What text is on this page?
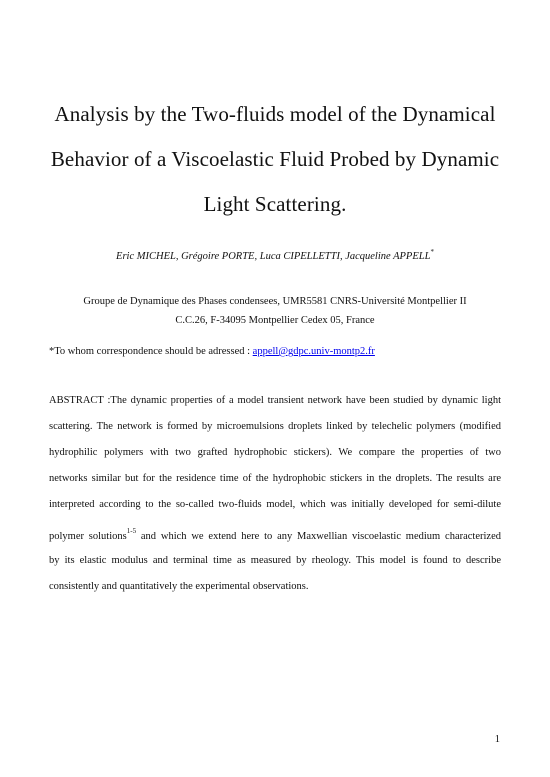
Analysis by the Two-fluids model of the Dynamical
Behavior of a Viscoelastic Fluid Probed by Dynamic
Light Scattering.
Eric MICHEL, Grégoire PORTE, Luca CIPELLETTI, Jacqueline APPELL*
Groupe de Dynamique des Phases condensees, UMR5581 CNRS-Université Montpellier II
C.C.26, F-34095 Montpellier Cedex 05, France
*To whom correspondence should be adressed : appell@gdpc.univ-montp2.fr
ABSTRACT :The dynamic properties of a model transient network have been studied by dynamic light
scattering. The network is formed by microemulsions droplets linked by telechelic polymers (modified
hydrophilic polymers with two grafted hydrophobic stickers). We compare the properties of two
networks similar but for the residence time of the hydrophobic stickers in the droplets. The results are
interpreted according to the so-called two-fluids model, which was initially developed for semi-dilute
polymer solutions$^{1-5}$ and which we extend here to any Maxwellian viscoelastic medium characterized
by its elastic modulus and terminal time as measured by rheology. This model is found to describe
consistently and quantitatively the experimental observations.
1
